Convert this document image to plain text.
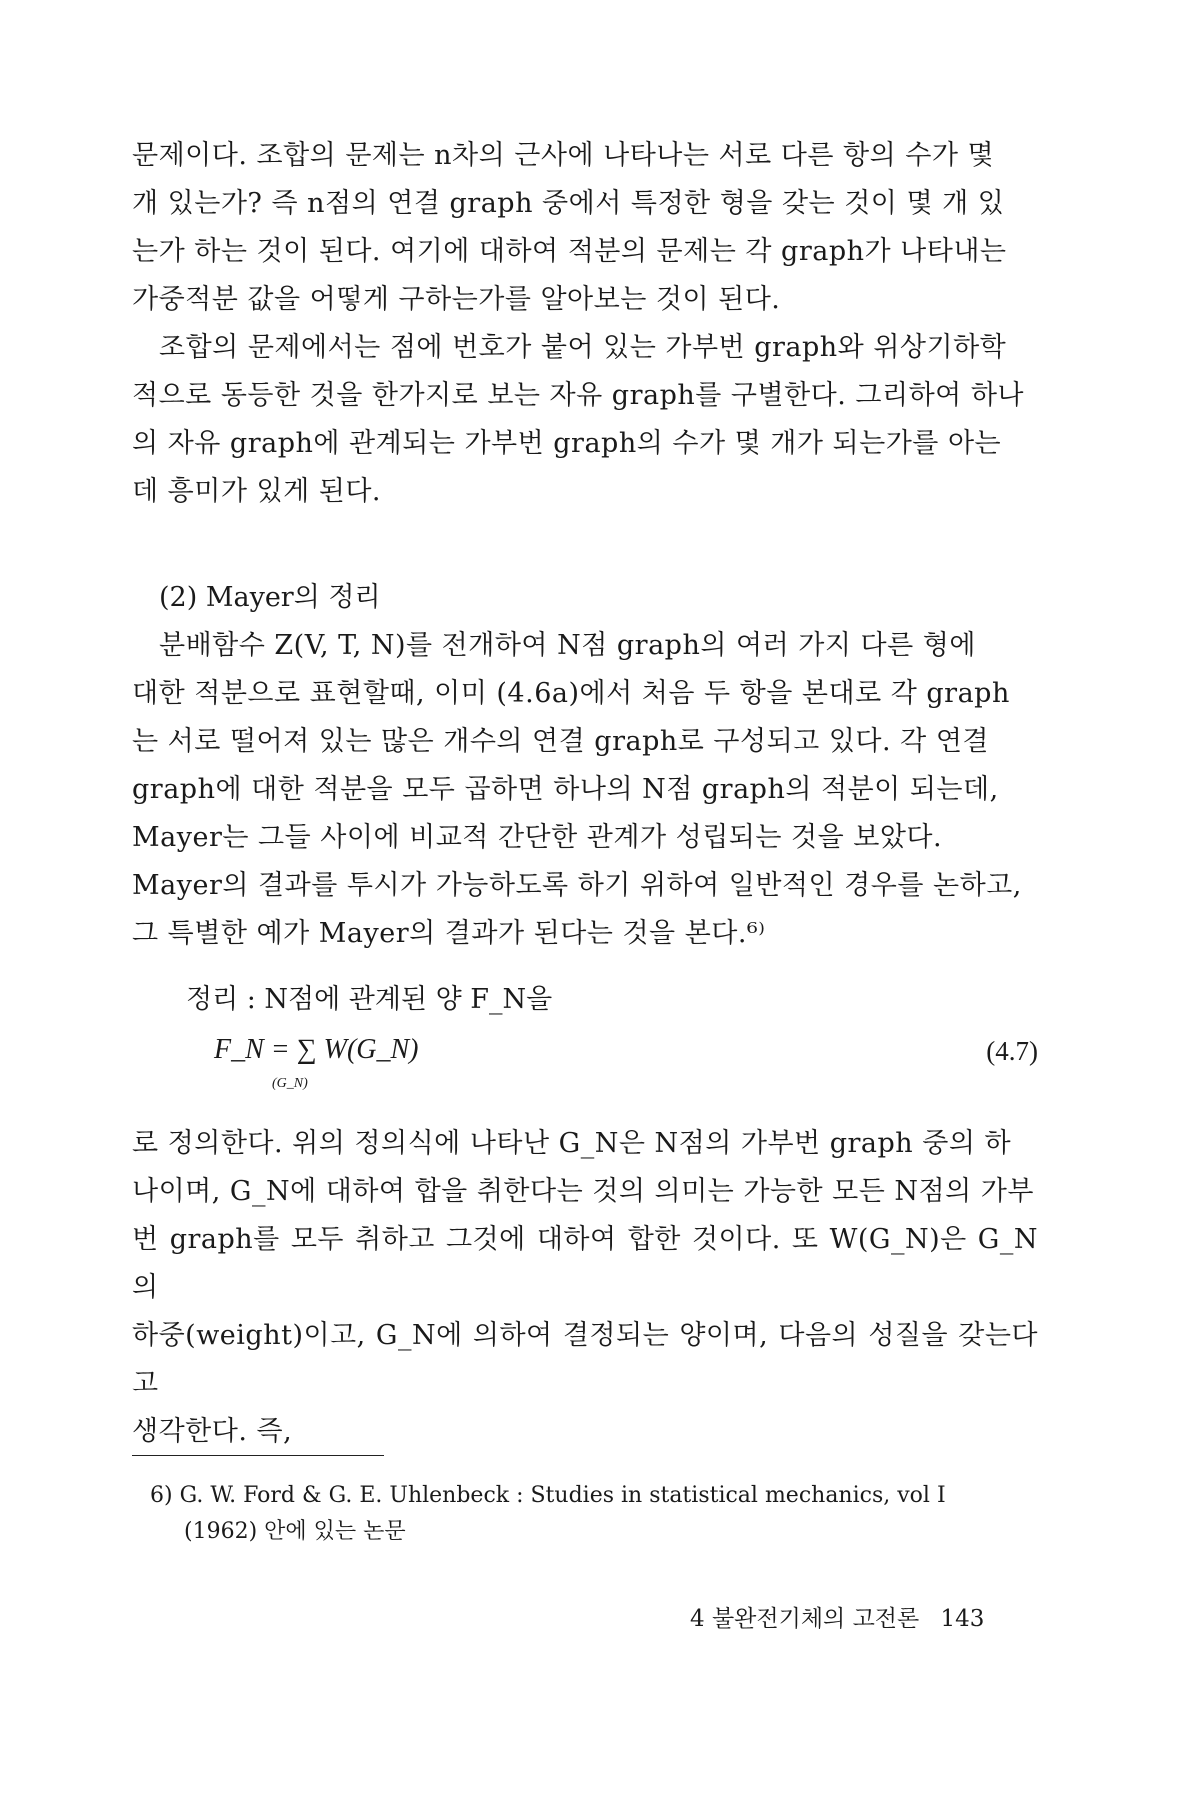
문제이다. 조합의 문제는 n차의 근사에 나타나는 서로 다른 항의 수가 몇

개 있는가? 즉 n점의 연결 graph 중에서 특정한 형을 갖는 것이 몇 개 있

는가 하는 것이 된다. 여기에 대하여 적분의 문제는 각 graph가 나타내는

가중적분 값을 어떻게 구하는가를 알아보는 것이 된다.

조합의 문제에서는 점에 번호가 붙어 있는 가부번 graph와 위상기하학

적으로 동등한 것을 한가지로 보는 자유 graph를 구별한다. 그리하여 하나

의 자유 graph에 관계되는 가부번 graph의 수가 몇 개가 되는가를 아는

데 흥미가 있게 된다.

(2) Mayer의 정리

분배함수 Z(V, T, N)를 전개하여 N점 graph의 여러 가지 다른 형에

대한 적분으로 표현할때, 이미 (4.6a)에서 처음 두 항을 본대로 각 graph

는 서로 떨어져 있는 많은 개수의 연결 graph로 구성되고 있다. 각 연결

graph에 대한 적분을 모두 곱하면 하나의 N점 graph의 적분이 되는데,

Mayer는 그들 사이에 비교적 간단한 관계가 성립되는 것을 보았다.

Mayer의 결과를 투시가 가능하도록 하기 위하여 일반적인 경우를 논하고,

그 특별한 예가 Mayer의 결과가 된다는 것을 본다.⁶⁾

정리 : N점에 관계된 양 F_N을
F_N = ∑ W(G_N)
(G_N)
(4.7)

로 정의한다. 위의 정의식에 나타난 G_N은 N점의 가부번 graph 중의 하

나이며, G_N에 대하여 합을 취한다는 것의 의미는 가능한 모든 N점의 가부

번 graph를 모두 취하고 그것에 대하여 합한 것이다. 또 W(G_N)은 G_N의

하중(weight)이고, G_N에 의하여 결정되는 양이며, 다음의 성질을 갖는다고

생각한다. 즉,

6) G. W. Ford & G. E. Uhlenbeck : Studies in statistical mechanics, vol Ⅰ
(1962) 안에 있는 논문
4 불완전기체의 고전론 143
